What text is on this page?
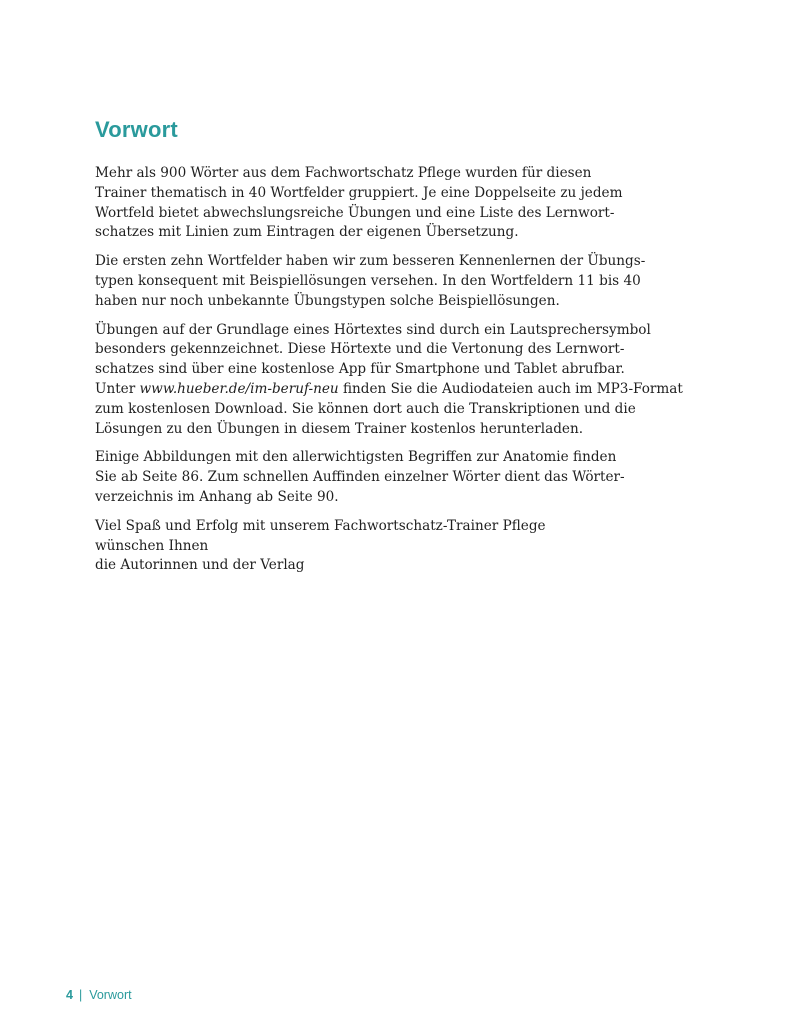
Vorwort

Mehr als 900 Wörter aus dem Fachwortschatz Pflege wurden für diesen
Trainer thematisch in 40 Wortfelder gruppiert. Je eine Doppelseite zu jedem
Wortfeld bietet abwechslungsreiche Übungen und eine Liste des Lernwort-
schatzes mit Linien zum Eintragen der eigenen Übersetzung.

Die ersten zehn Wortfelder haben wir zum besseren Kennenlernen der Übungs-
typen konsequent mit Beispiellösungen versehen. In den Wortfeldern 11 bis 40
haben nur noch unbekannte Übungstypen solche Beispiellösungen.

Übungen auf der Grundlage eines Hörtextes sind durch ein Lautsprechersymbol
besonders gekennzeichnet. Diese Hörtexte und die Vertonung des Lernwort-
schatzes sind über eine kostenlose App für Smartphone und Tablet abrufbar.
Unter www.hueber.de/im-beruf-neu finden Sie die Audiodateien auch im MP3-Format
zum kostenlosen Download. Sie können dort auch die Transkriptionen und die
Lösungen zu den Übungen in diesem Trainer kostenlos herunterladen.

Einige Abbildungen mit den allerwichtigsten Begriffen zur Anatomie finden
Sie ab Seite 86. Zum schnellen Auffinden einzelner Wörter dient das Wörter-
verzeichnis im Anhang ab Seite 90.

Viel Spaß und Erfolg mit unserem Fachwortschatz-Trainer Pflege
wünschen Ihnen
die Autorinnen und der Verlag

4 | Vorwort
